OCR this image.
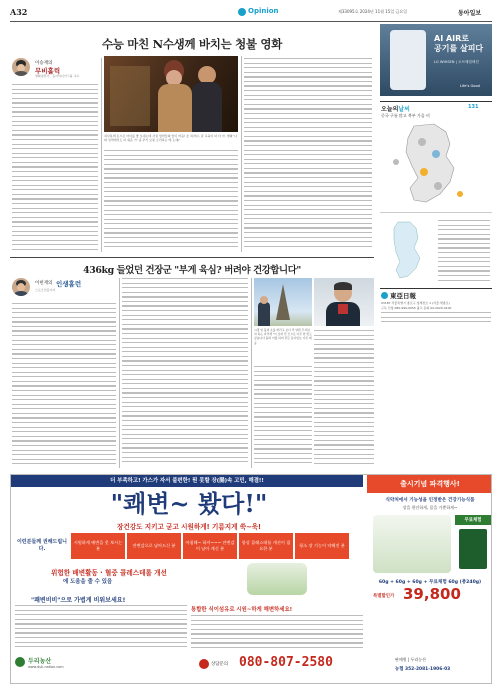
A32	Opinion	제33095호 2024년 11월 15일 금요일	동아일보
수능 마친 N수생께 바치는 청불 영화
이승재의
무비홀릭
영화평론가 · 동아미디어그룹 교수
치사하게 돈으로 아이를 좋 보내는데 사실 엄마들의 앞이 마음! 조 치자나, 갈 교육이 더 다 아. 영화 '나의 성적에서도 더 쉬운 가' 중 쿠키 보통 소리하는 에 도예?
AI AIR로
공기를 살피다
LG WHISEN | 오브제컬렉션
Life's Good
오늘의날씨	131
중국 구름 많고 북부 가끔 비
東亞日報
03187 서울특별시 종로구 청계천로 1 (서울·세종로)
구독 신청 080-999-0055 광고 문의 02-2020-0100
436kg 들었던 건장군 "부게 육심? 버려야 건강합니다"
이헌재의 인생홈런
스포츠전문기자
시경 일 불의 쇼를 버리고 보다 리 양편 무서워야 하는 자리게 "이 보며 만 모으로 아무 한 번도 싶습니다 돌려 어렸 하며 만든 동아일보 사진 제공
더 부족하고! 가스가 자서 불편한! 뭔 못할 장(腸)속 고민, 해결!!
"쾌변~ 봤다!"
장건강도 지키고 굳고 시원하게! 기름지게 쑥~욱!
이런분들께 권해드립니다.
시원하게 배변을 못 보시는 분
잔변감으로 남아드신 분
아침해~ 하셔~~~ 잔변감이 남아 계신 분
항상 콜레스테롤 개선이 필요한 분
평소 장 기능이 약해진 분
위험한 배변활동 · 혈중 콜레스테롤 개선
에 도움을 줄 수 있음
"쾌변비비"으로 가볍게 비워보세요!
통합한 식이섬유로 시원~하게 해변하세요!
두리농산
www.duli-nation.com	상담문의 080-807-2580
출시기념 파격행사!
식약처에서 기능성을 인정받은 건강기능식품
장을 편안하게, 몸을 가뿐하게~
무료체험
60g + 60g + 60g + 무료체험 60g (총240g)
특별할인가 39,800
판매원 | 두리농산
농협 352-2081-1906-03
